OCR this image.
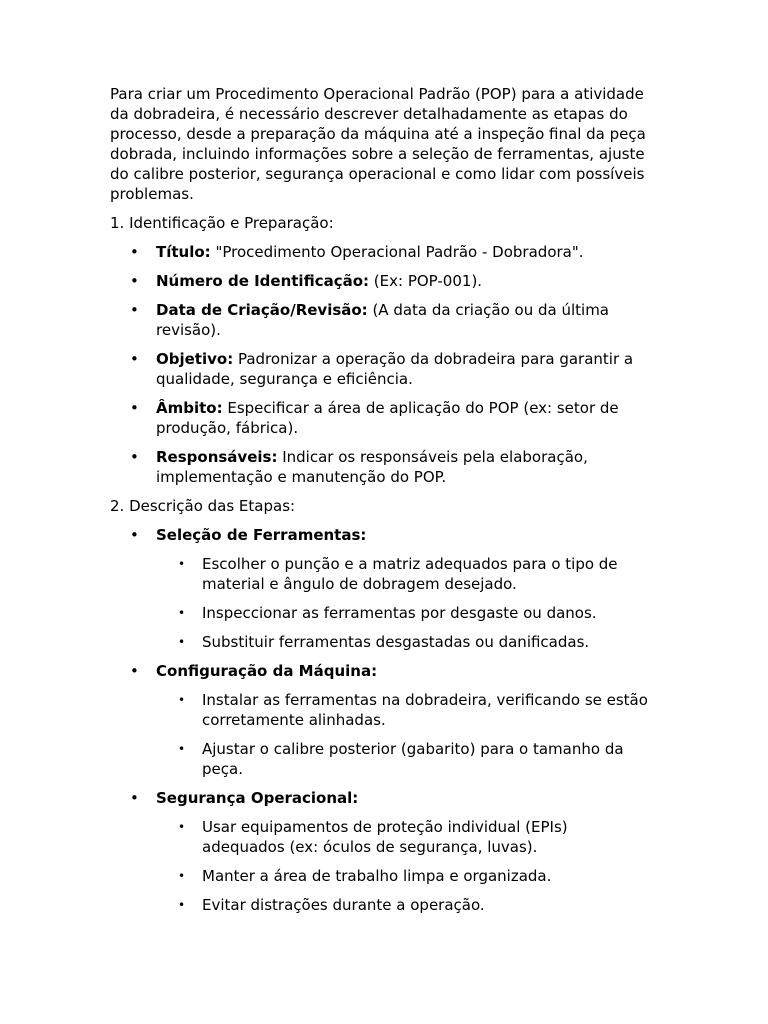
Para criar um Procedimento Operacional Padrão (POP) para a atividade da dobradeira, é necessário descrever detalhadamente as etapas do processo, desde a preparação da máquina até a inspeção final da peça dobrada, incluindo informações sobre a seleção de ferramentas, ajuste do calibre posterior, segurança operacional e como lidar com possíveis problemas.

1. Identificação e Preparação:

• Título: "Procedimento Operacional Padrão - Dobradora".
• Número de Identificação: (Ex: POP-001).
• Data de Criação/Revisão: (A data da criação ou da última revisão).
• Objetivo: Padronizar a operação da dobradeira para garantir a qualidade, segurança e eficiência.
• Âmbito: Especificar a área de aplicação do POP (ex: setor de produção, fábrica).
• Responsáveis: Indicar os responsáveis pela elaboração, implementação e manutenção do POP.

2. Descrição das Etapas:

• Seleção de Ferramentas:
• Escolher o punção e a matriz adequados para o tipo de material e ângulo de dobragem desejado.
• Inspeccionar as ferramentas por desgaste ou danos.
• Substituir ferramentas desgastadas ou danificadas.
• Configuração da Máquina:
• Instalar as ferramentas na dobradeira, verificando se estão corretamente alinhadas.
• Ajustar o calibre posterior (gabarito) para o tamanho da peça.
• Segurança Operacional:
• Usar equipamentos de proteção individual (EPIs) adequados (ex: óculos de segurança, luvas).
• Manter a área de trabalho limpa e organizada.
• Evitar distrações durante a operação.
